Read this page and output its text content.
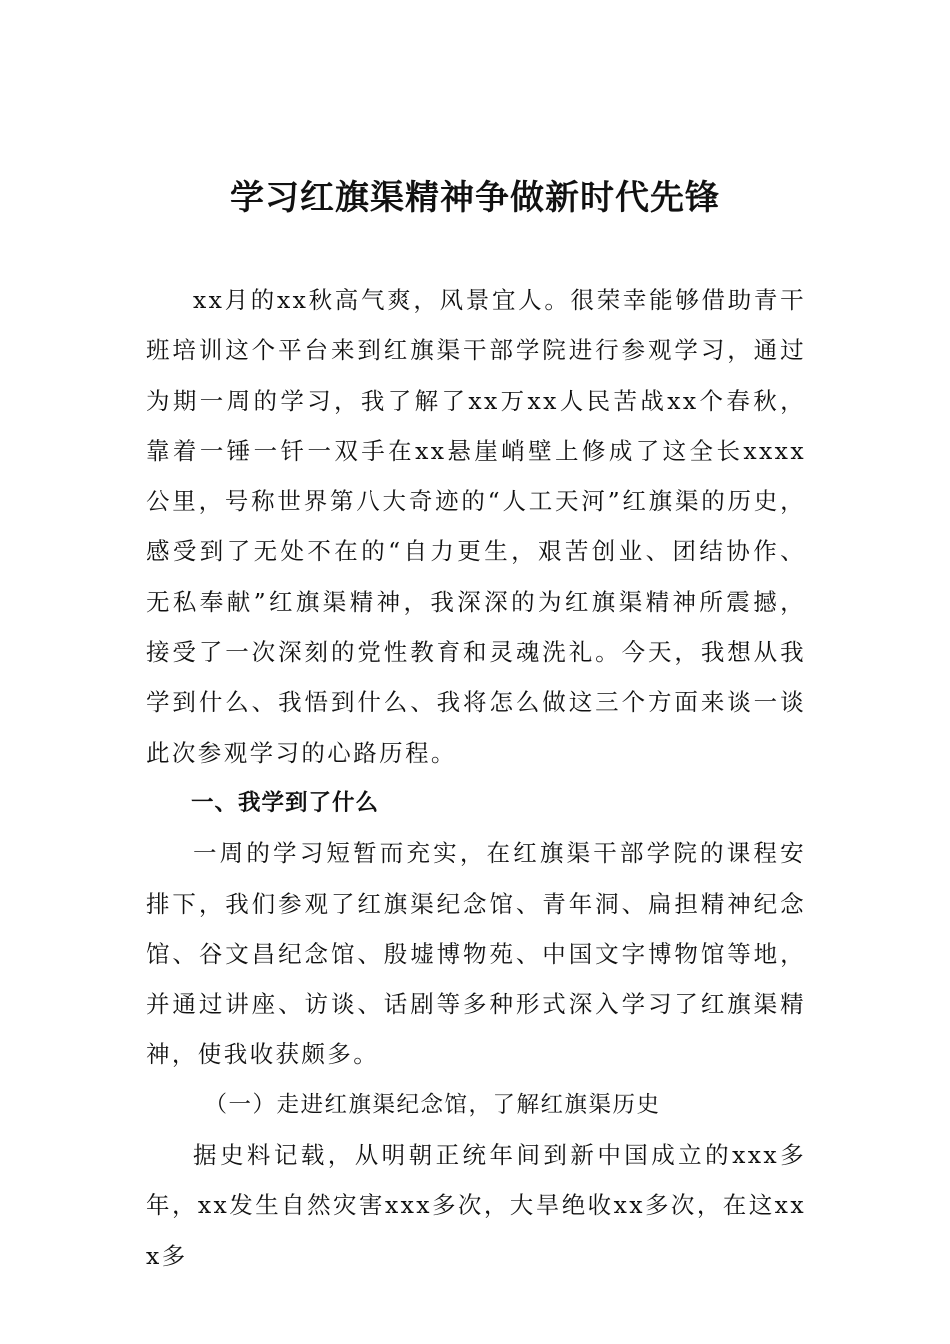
学习红旗渠精神争做新时代先锋

xx月的xx秋高气爽，风景宜人。很荣幸能够借助青干班培训这个平台来到红旗渠干部学院进行参观学习，通过为期一周的学习，我了解了xx万xx人民苦战xx个春秋，靠着一锤一钎一双手在xx悬崖峭壁上修成了这全长xxxx公里，号称世界第八大奇迹的“人工天河”红旗渠的历史，感受到了无处不在的“自力更生，艰苦创业、团结协作、无私奉献”红旗渠精神，我深深的为红旗渠精神所震撼，接受了一次深刻的党性教育和灵魂洗礼。今天，我想从我学到什么、我悟到什么、我将怎么做这三个方面来谈一谈此次参观学习的心路历程。

一、我学到了什么

一周的学习短暂而充实，在红旗渠干部学院的课程安排下，我们参观了红旗渠纪念馆、青年洞、扁担精神纪念馆、谷文昌纪念馆、殷墟博物苑、中国文字博物馆等地，并通过讲座、访谈、话剧等多种形式深入学习了红旗渠精神，使我收获颇多。

（一）走进红旗渠纪念馆，了解红旗渠历史

据史料记载，从明朝正统年间到新中国成立的xxx多年，xx发生自然灾害xxx多次，大旱绝收xx多次，在这xxx多
